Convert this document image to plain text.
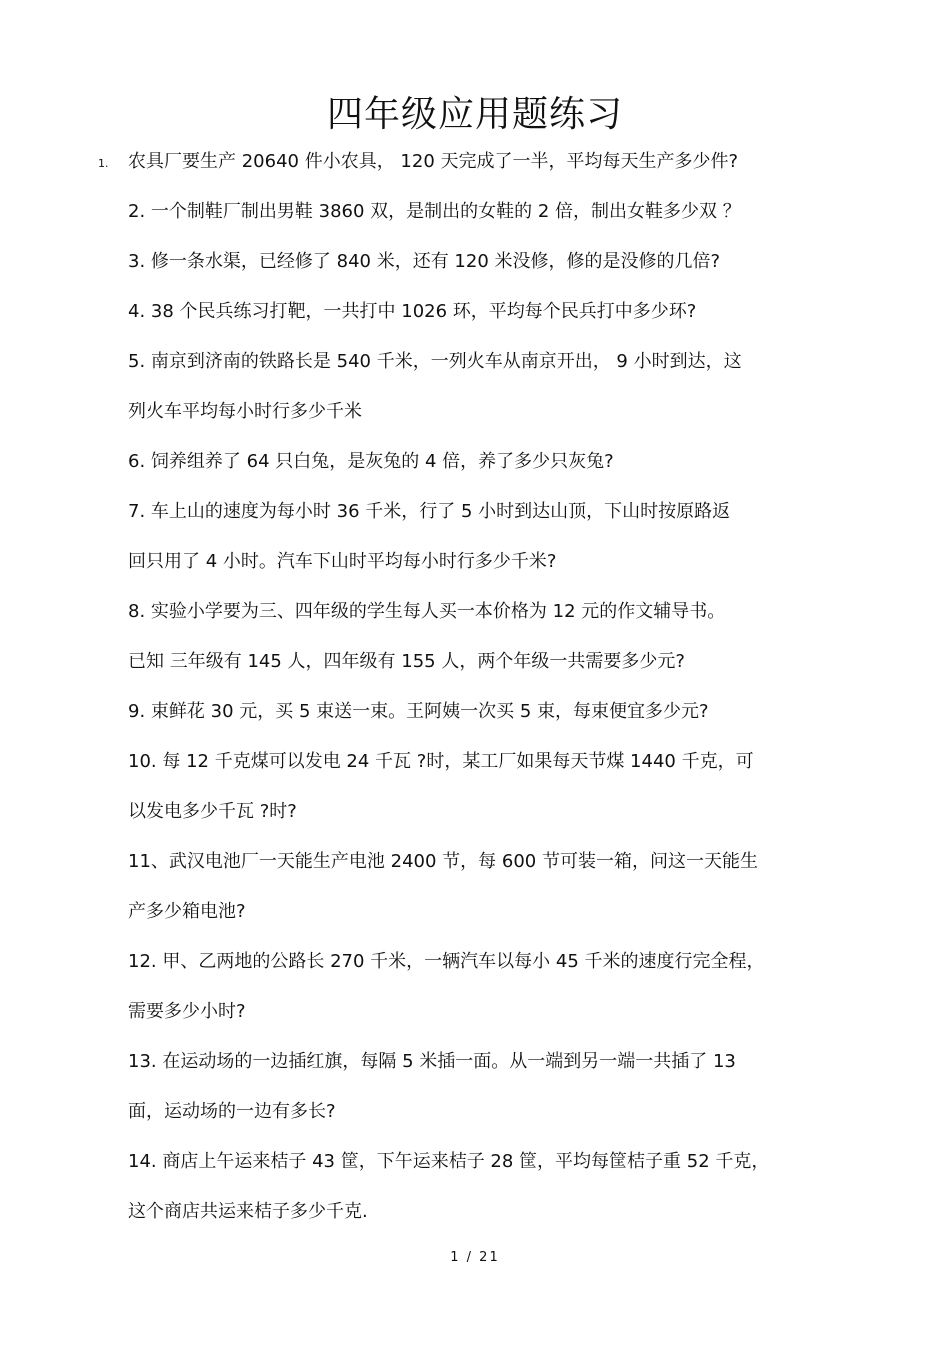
四年级应用题练习
1. 农具厂要生产 20640 件小农具， 120 天完成了一半，平均每天生产多少件?
2. 一个制鞋厂制出男鞋 3860 双，是制出的女鞋的 2 倍，制出女鞋多少双 ？
3. 修一条水渠，已经修了 840 米，还有 120 米没修，修的是没修的几倍?
4. 38 个民兵练习打靶，一共打中 1026 环，平均每个民兵打中多少环?
5. 南京到济南的铁路长是 540 千米，一列火车从南京开出， 9 小时到达，这
列火车平均每小时行多少千米
6. 饲养组养了 64 只白兔，是灰兔的 4 倍，养了多少只灰兔?
7. 车上山的速度为每小时 36 千米，行了 5 小时到达山顶，下山时按原路返
回只用了 4 小时。汽车下山时平均每小时行多少千米?
8. 实验小学要为三、四年级的学生每人买一本价格为 12 元的作文辅导书。
已知 三年级有 145 人，四年级有 155 人，两个年级一共需要多少元?
9. 束鲜花 30 元，买 5 束送一束。王阿姨一次买 5 束，每束便宜多少元?
10. 每 12 千克煤可以发电 24 千瓦 ?时，某工厂如果每天节煤 1440 千克，可
以发电多少千瓦 ?时?
11、武汉电池厂一天能生产电池 2400 节，每 600 节可装一箱，问这一天能生
产多少箱电池?
12. 甲、乙两地的公路长 270 千米，一辆汽车以每小 45 千米的速度行完全程，
需要多少小时?
13. 在运动场的一边插红旗，每隔 5 米插一面。从一端到另一端一共插了 13
面，运动场的一边有多长?
14. 商店上午运来桔子 43 筐，下午运来桔子 28 筐，平均每筐桔子重 52 千克，
这个商店共运来桔子多少千克.
1 / 21
